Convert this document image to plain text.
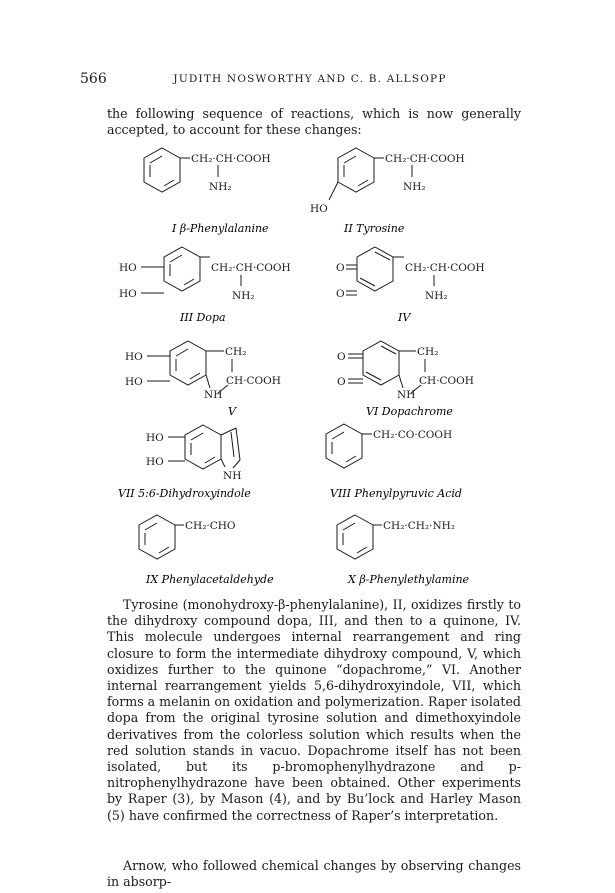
566	JUDITH NOSWORTHY AND C. B. ALLSOPP
the following sequence of reactions, which is now generally accepted, to account for these changes:
CH₂·CH·COOH
NH₂
I β-Phenylalanine
CH₂·CH·COOH
NH₂
HO
II Tyrosine
CH₂·CH·COOH
NH₂
HO
HO
III Dopa
CH₂·CH·COOH
NH₂
O
O
IV
CH₂
CH·COOH
NH
HO
HO
V
CH₂
CH·COOH
NH
O
O
VI Dopachrome
NH
HO
HO
VII 5:6-Dihydroxyindole
CH₂·CO·COOH
VIII Phenylpyruvic Acid
CH₂·CHO
IX Phenylacetaldehyde
CH₂·CH₂·NH₂
X β-Phenylethylamine
Tyrosine (monohydroxy-β-phenylalanine), II, oxidizes firstly to the dihydroxy compound dopa, III, and then to a quinone, IV. This molecule undergoes internal rearrangement and ring closure to form the intermediate dihydroxy compound, V, which oxidizes further to the quinone “dopachrome,” VI. Another internal rearrangement yields 5,6-dihydroxyindole, VII, which forms a melanin on oxidation and polymerization. Raper isolated dopa from the original tyrosine solution and dimethoxyindole derivatives from the colorless solution which results when the red solution stands in vacuo. Dopachrome itself has not been isolated, but its p-bromophenylhydrazone and p-nitrophenylhydrazone have been obtained. Other experiments by Raper (3), by Mason (4), and by Bu’lock and Harley Mason (5) have confirmed the correctness of Raper’s interpretation.
Arnow, who followed chemical changes by observing changes in absorp-
